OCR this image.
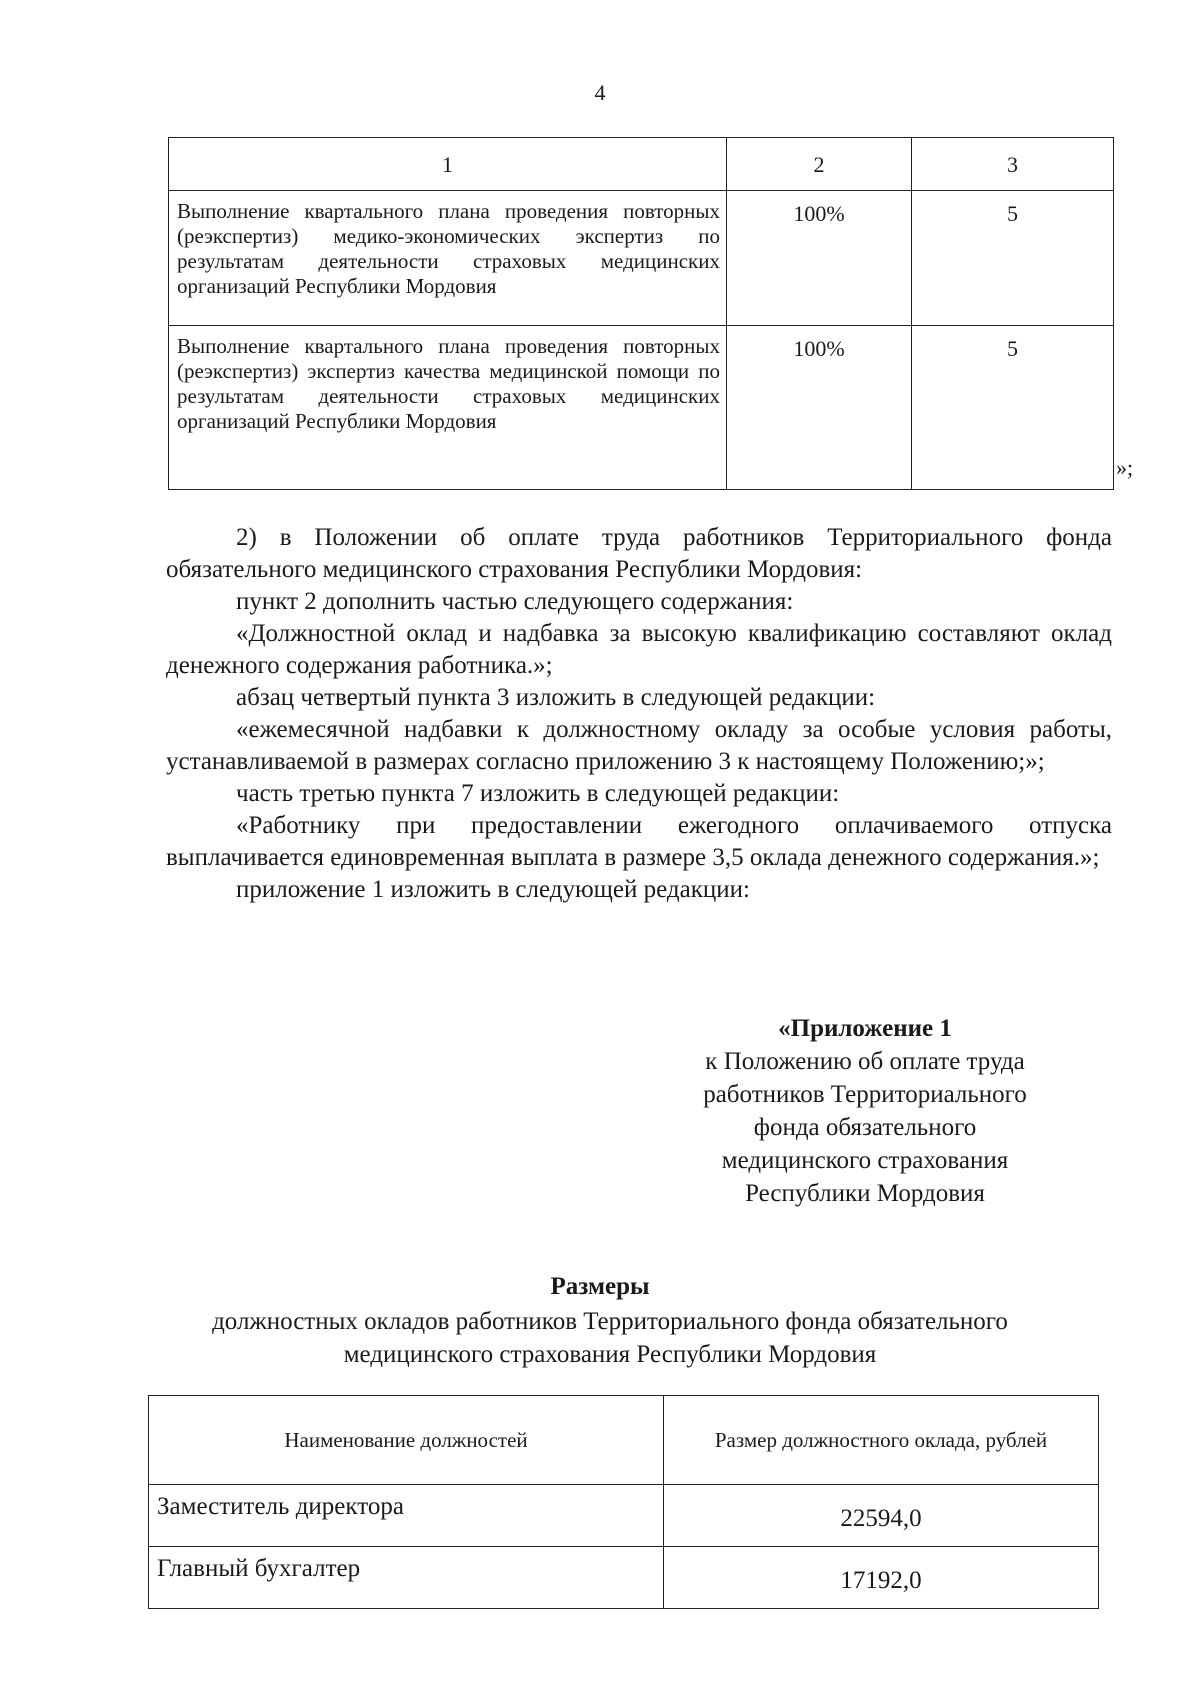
4
1	2	3
Выполнение квартального плана проведения повторных (реэкспертиз) медико-экономических экспертиз по результатам деятельности страховых медицинских организаций Республики Мордовия	100%	5
Выполнение квартального плана проведения повторных (реэкспертиз) экспертиз качества медицинской помощи по результатам деятельности страховых медицинских организаций Республики Мордовия	100%	5
»;

2) в Положении об оплате труда работников Территориального фонда обязательного медицинского страхования Республики Мордовия:

пункт 2 дополнить частью следующего содержания:

«Должностной оклад и надбавка за высокую квалификацию составляют оклад денежного содержания работника.»;

абзац четвертый пункта 3 изложить в следующей редакции:

«ежемесячной надбавки к должностному окладу за особые условия работы, устанавливаемой в размерах согласно приложению 3 к настоящему Положению;»;

часть третью пункта 7 изложить в следующей редакции:

«Работнику при предоставлении ежегодного оплачиваемого отпуска выплачивается единовременная выплата в размере 3,5 оклада денежного содержания.»;

приложение 1 изложить в следующей редакции:

«Приложение 1
к Положению об оплате труда
работников Территориального
фонда обязательного
медицинского страхования
Республики Мордовия
Размеры
должностных окладов работников Территориального фонда обязательного медицинского страхования Республики Мордовия
Наименование должностей	Размер должностного оклада, рублей
Заместитель директора	22594,0
Главный бухгалтер	17192,0
